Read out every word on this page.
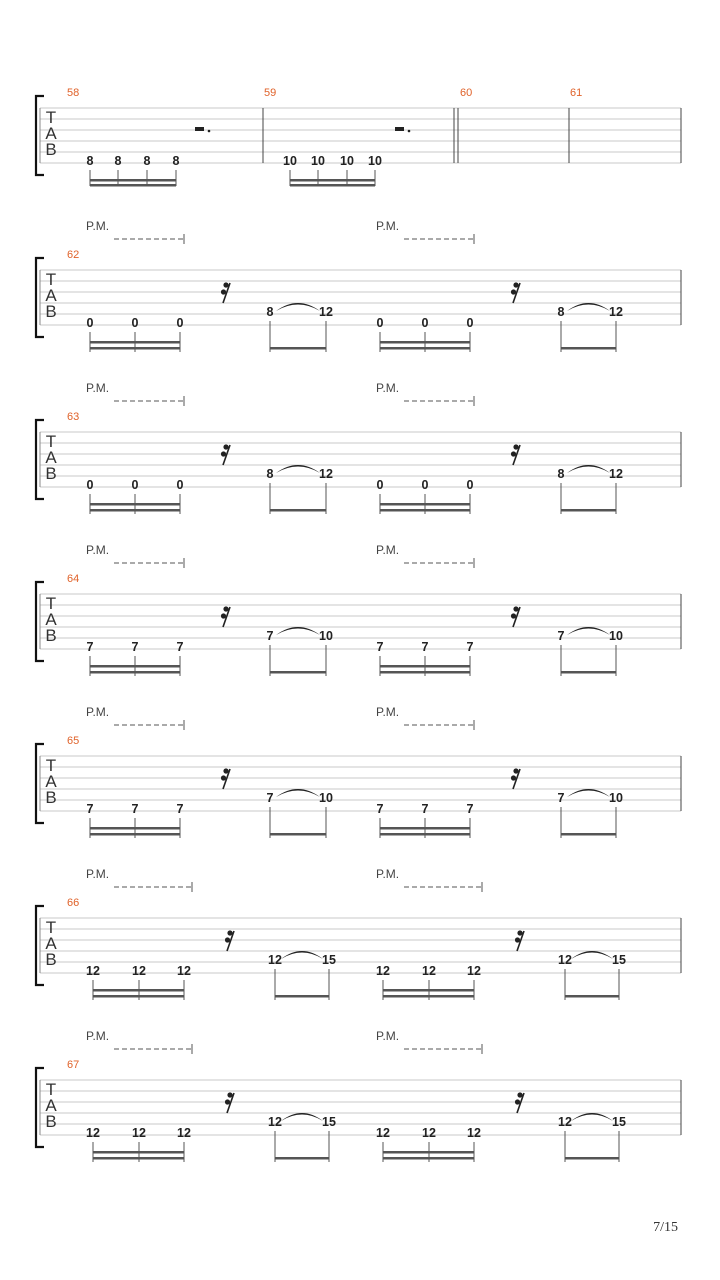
T
A
B
58	59	60	61
8 8 8 8	10 10 10 10
T
A
B
P.M.	P.M.
62
0	0	0
8	12
0	0	0
8	12
T
A
B
P.M.	P.M.
63
0	0	0
8	12
0	0	0
8	12
T
A
B
P.M.	P.M.
64
7	7	7
7	10
7	7	7
7	10
T
A
B
P.M.	P.M.
65
7	7	7
7	10
7	7	7
7	10
T
A
B
P.M.	P.M.
66
12	12 12
12	15
12	12 12
12	15
T
A
B
P.M.	P.M.
67
12	12 12
12	15
12	12 12
12	15
7/15
